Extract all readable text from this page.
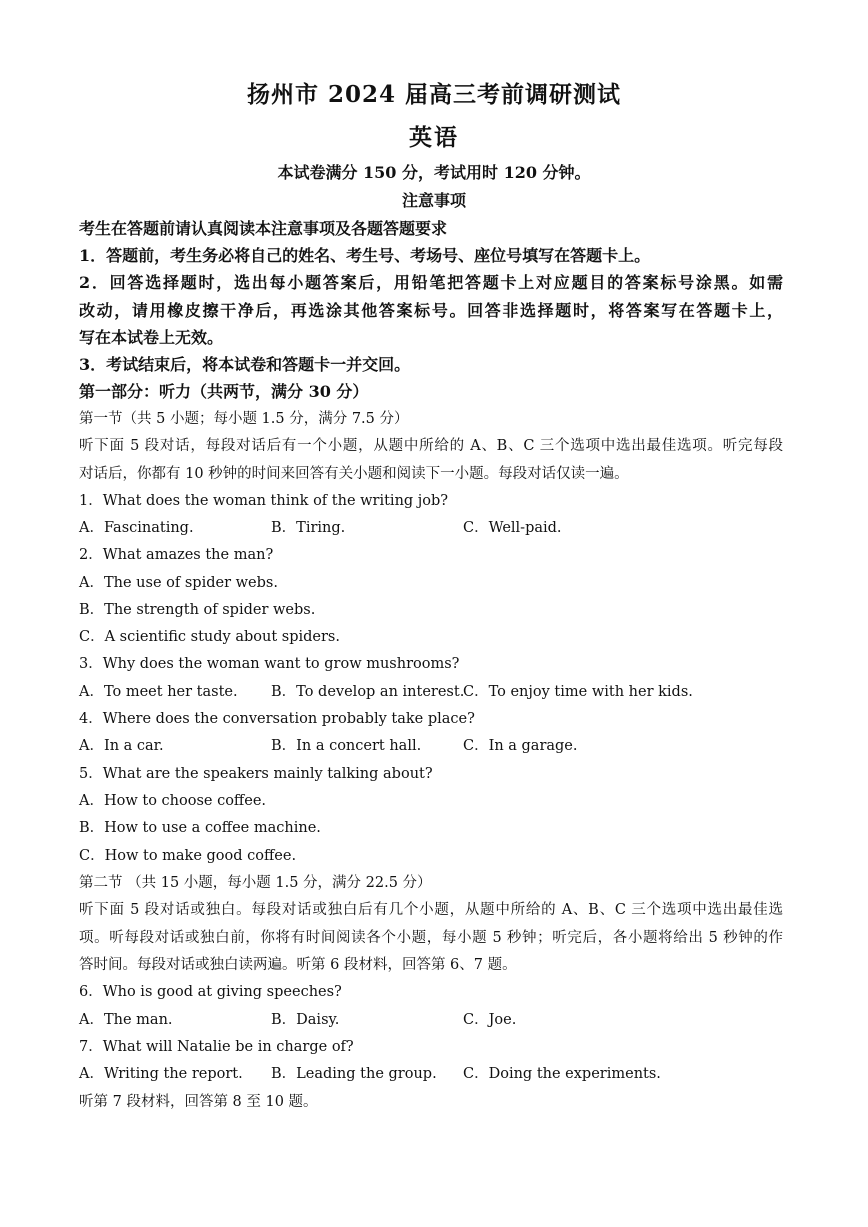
扬州市 2024 届高三考前调研测试
英语
本试卷满分 150 分，考试用时 120 分钟。
注意事项
考生在答题前请认真阅读本注意事项及各题答题要求
1．答题前，考生务必将自己的姓名、考生号、考场号、座位号填写在答题卡上。
2．回答选择题时，选出每小题答案后，用铅笔把答题卡上对应题目的答案标号涂黑。如需
改动，请用橡皮擦干净后，再选涂其他答案标号。回答非选择题时，将答案写在答题卡上，
写在本试卷上无效。
3．考试结束后，将本试卷和答题卡一并交回。
第一部分：听力（共两节，满分 30 分）
第一节（共 5 小题；每小题 1.5 分，满分 7.5 分）
听下面 5 段对话，每段对话后有一个小题，从题中所给的 A、B、C 三个选项中选出最佳选项。听完每段
对话后，你都有 10 秒钟的时间来回答有关小题和阅读下一小题。每段对话仅读一遍。
1．What does the woman think of the writing job?
A．Fascinating.	B．Tiring.	C．Well-paid.
2．What amazes the man?
A．The use of spider webs.
B．The strength of spider webs.
C．A scientific study about spiders.
3．Why does the woman want to grow mushrooms?
A．To meet her taste. B．To develop an interest.
C．To enjoy time with her kids.
4．Where does the conversation probably take place?
A．In a car.	B．In a concert hall.	C．In a garage.
5．What are the speakers mainly talking about?
A．How to choose coffee.
B．How to use a coffee machine.
C．How to make good coffee.
第二节 （共 15 小题，每小题 1.5 分，满分 22.5 分）
听下面 5 段对话或独白。每段对话或独白后有几个小题，从题中所给的 A、B、C 三个选项中选出最佳选
项。听每段对话或独白前，你将有时间阅读各个小题，每小题 5 秒钟；听完后，各小题将给出 5 秒钟的作
答时间。每段对话或独白读两遍。听第 6 段材料，回答第 6、7 题。
6．Who is good at giving speeches?
A．The man.	B．Daisy.	C．Joe.
7．What will Natalie be in charge of?
A．Writing the report. B．Leading the group. C．Doing the experiments.
听第 7 段材料，回答第 8 至 10 题。
